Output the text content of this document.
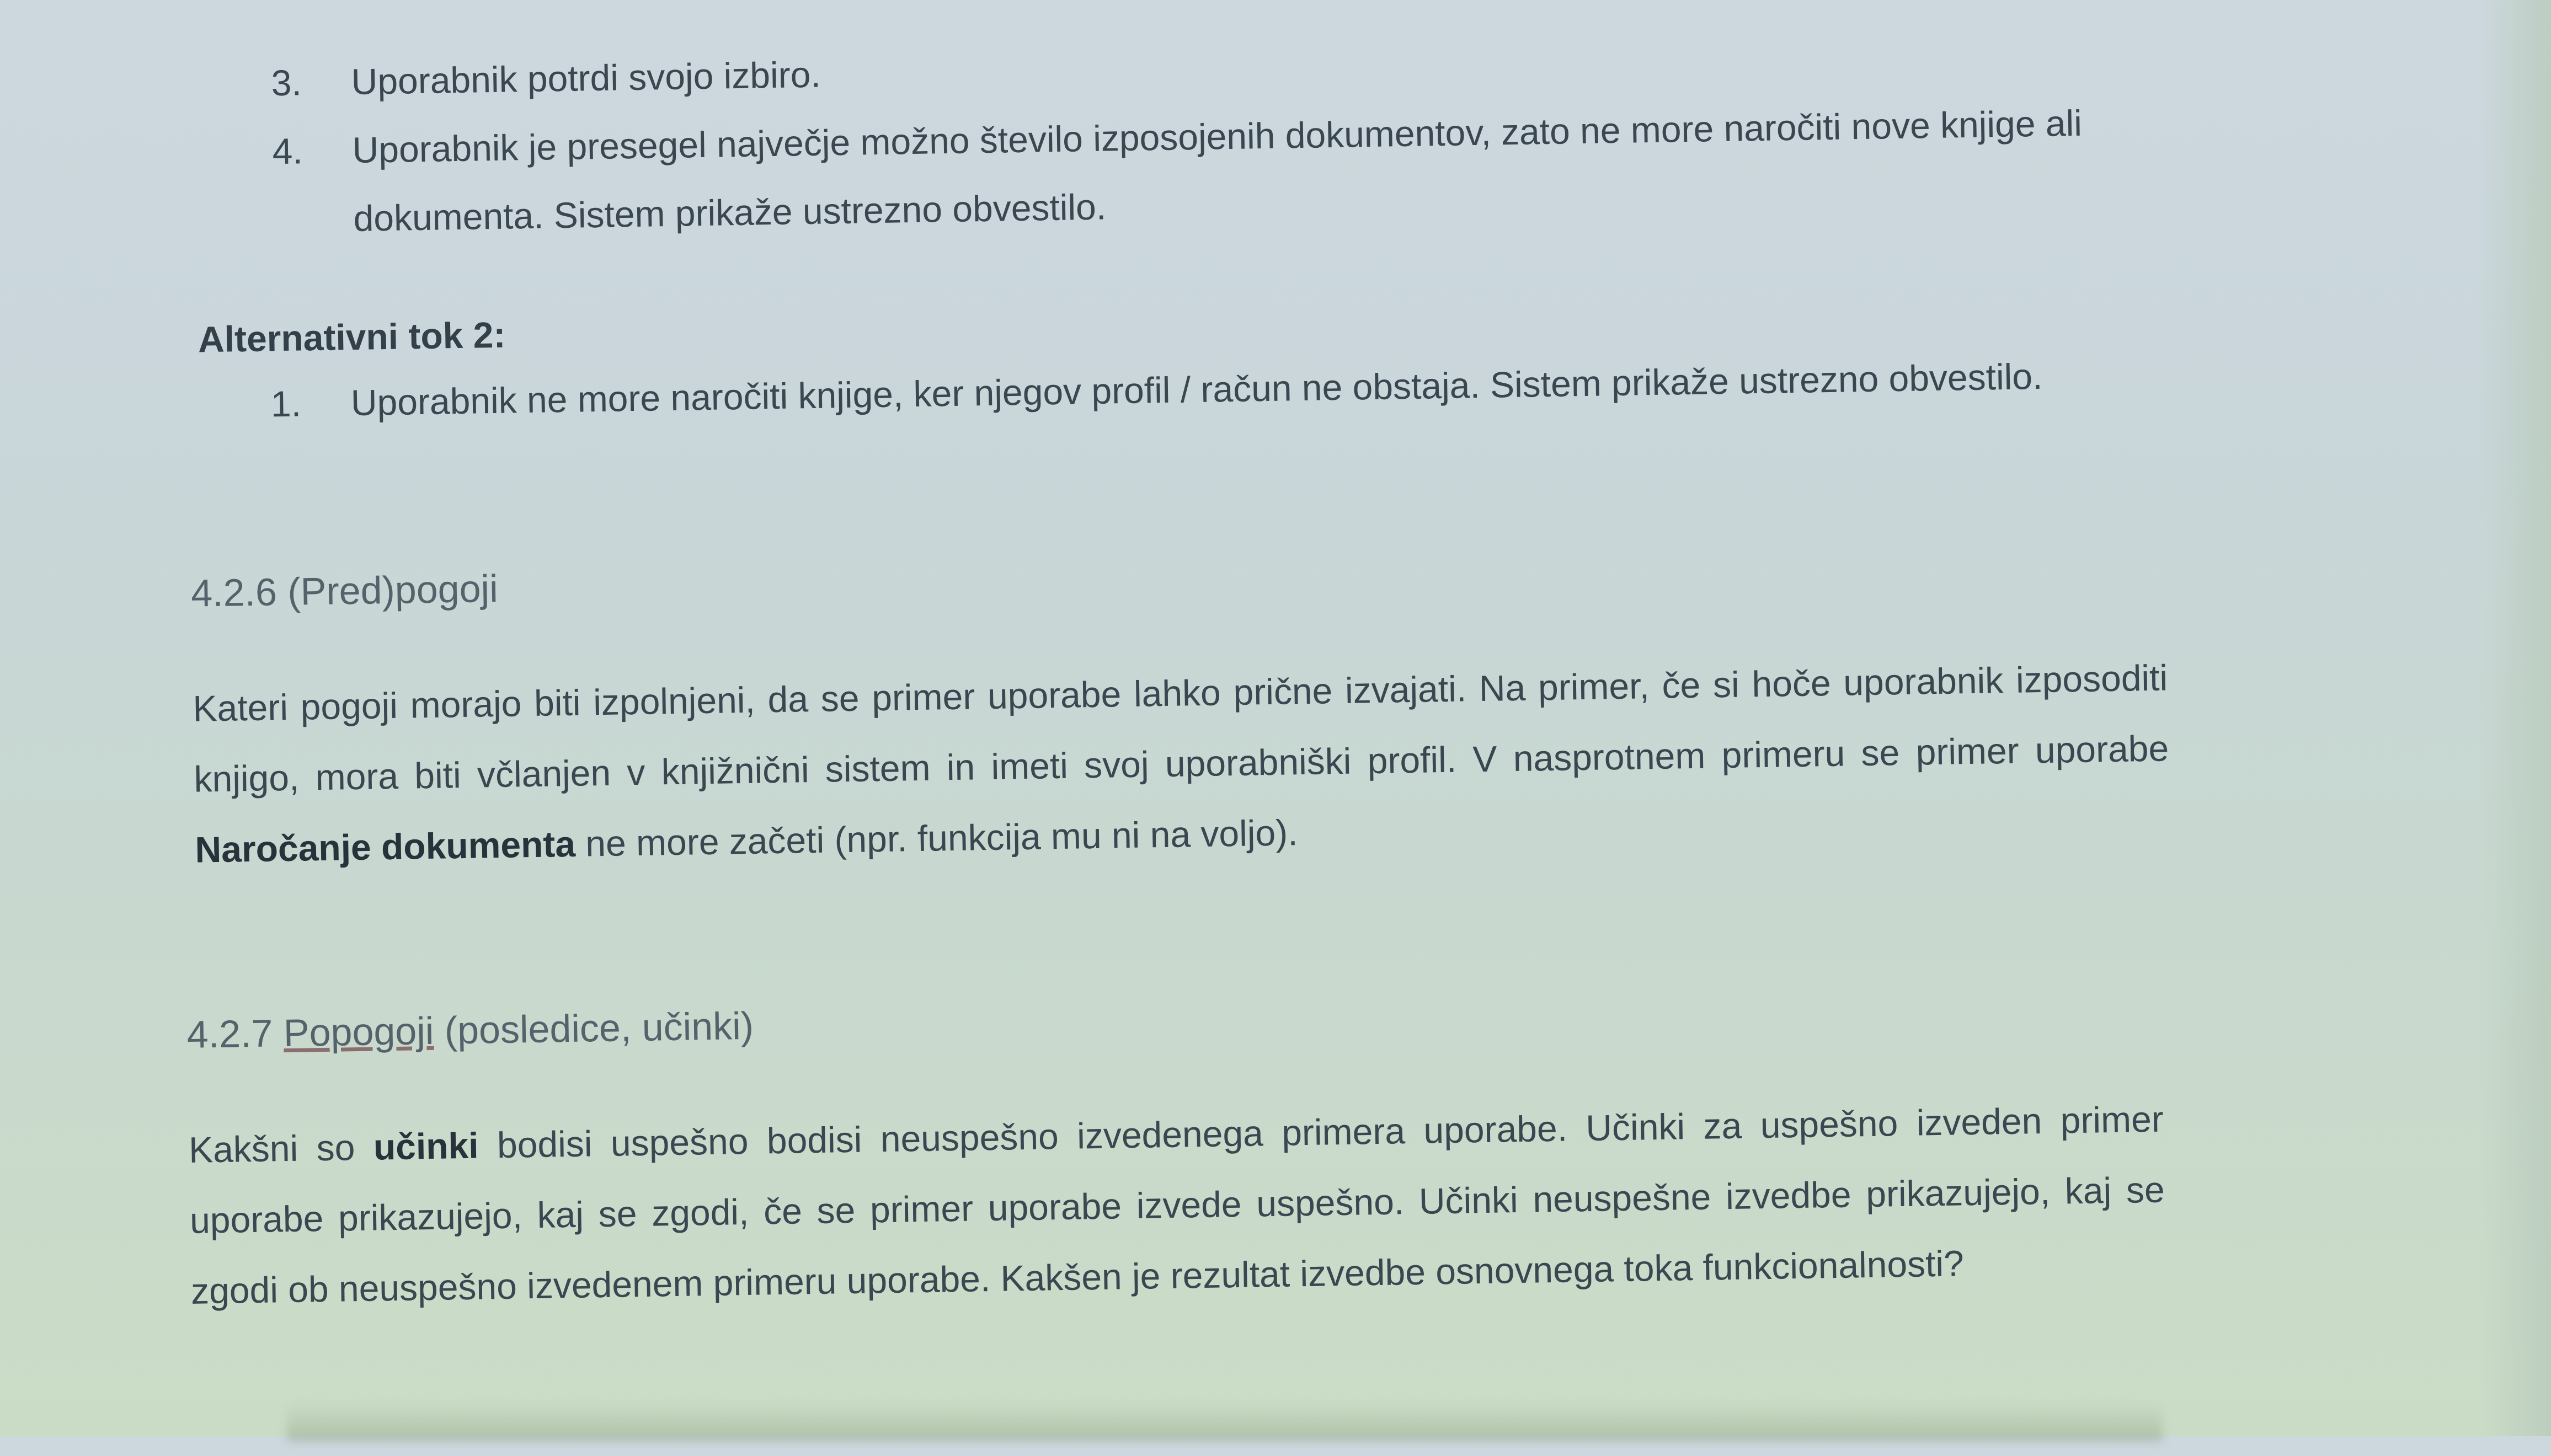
3.	Uporabnik potrdi svojo izbiro.
4.	Uporabnik je presegel največje možno število izposojenih dokumentov, zato ne more naročiti nove knjige ali dokumenta. Sistem prikaže ustrezno obvestilo.
Alternativni tok 2:
1.	Uporabnik ne more naročiti knjige, ker njegov profil / račun ne obstaja. Sistem prikaže ustrezno obvestilo.
4.2.6 (Pred)pogoji

Kateri pogoji morajo biti izpolnjeni, da se primer uporabe lahko prične izvajati. Na primer, če si hoče uporabnik izposoditi knjigo, mora biti včlanjen v knjižnični sistem in imeti svoj uporabniški profil. V nasprotnem primeru se primer uporabe Naročanje dokumenta ne more začeti (npr. funkcija mu ni na voljo).

4.2.7 Popogoji (posledice, učinki)

Kakšni so učinki bodisi uspešno bodisi neuspešno izvedenega primera uporabe. Učinki za uspešno izveden primer uporabe prikazujejo, kaj se zgodi, če se primer uporabe izvede uspešno. Učinki neuspešne izvedbe prikazujejo, kaj se zgodi ob neuspešno izvedenem primeru uporabe. Kakšen je rezultat izvedbe osnovnega toka funkcionalnosti?
